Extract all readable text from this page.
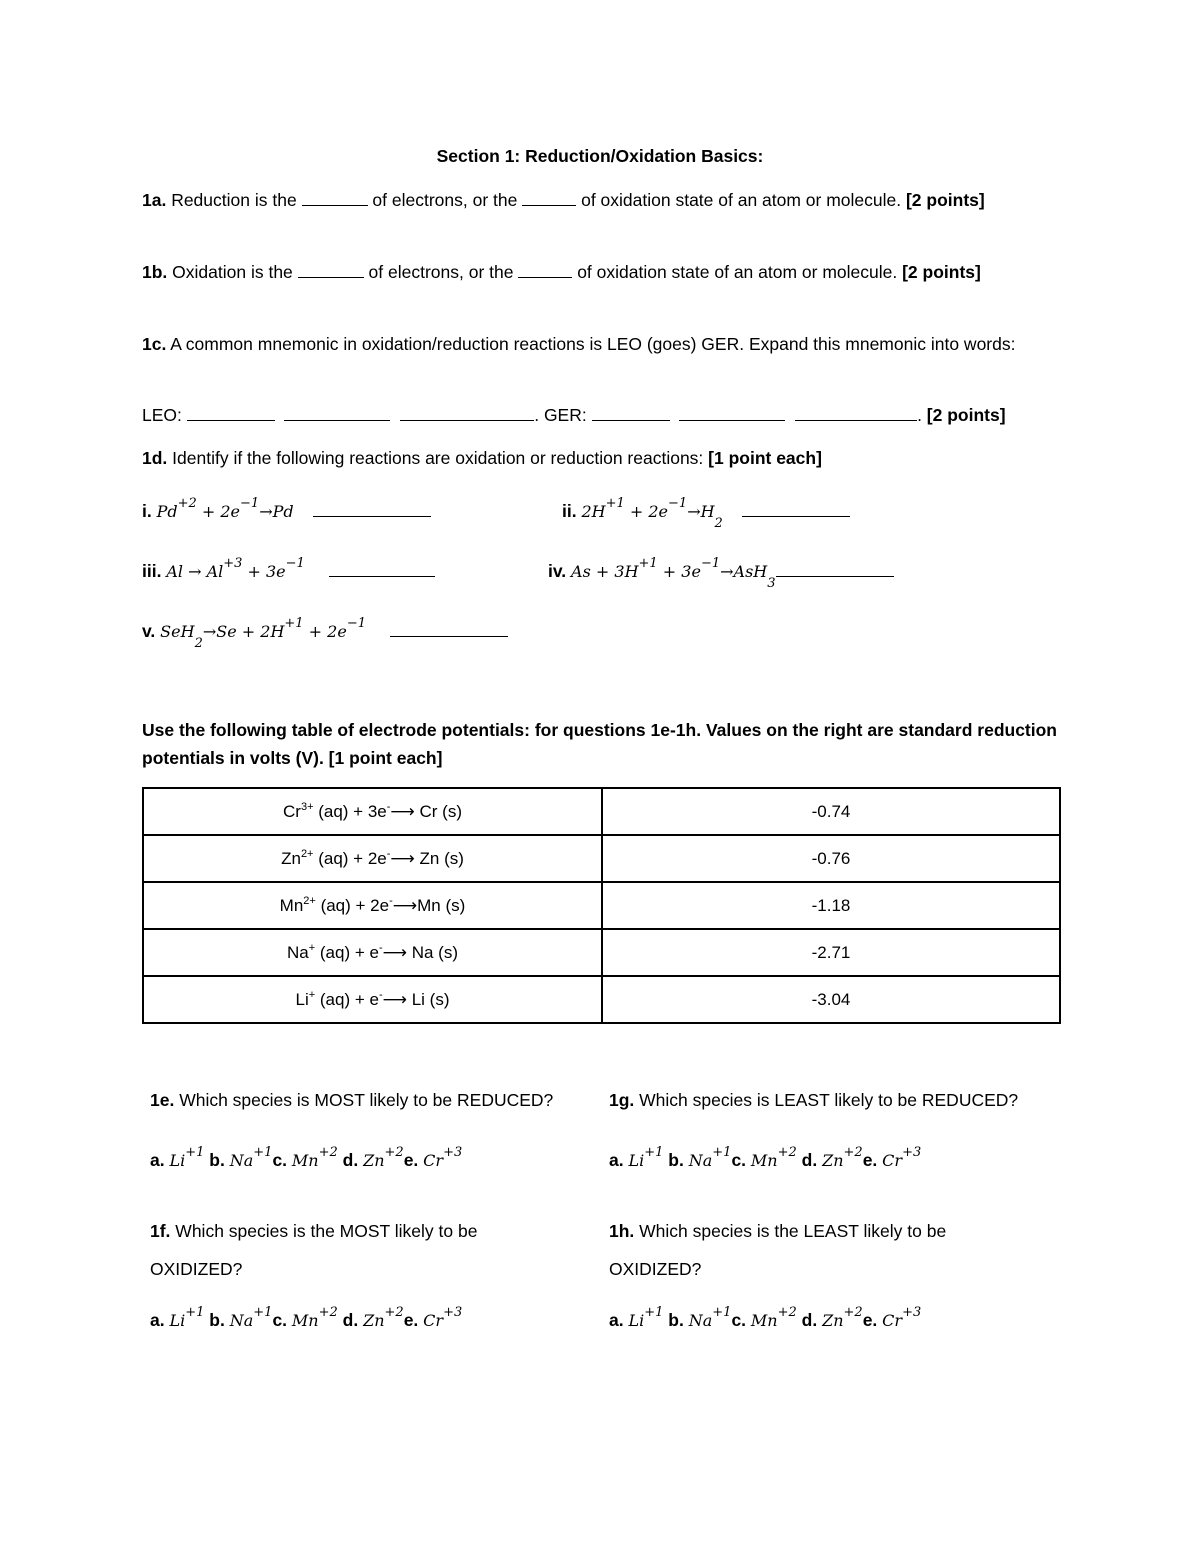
Section 1: Reduction/Oxidation Basics:
1a. Reduction is the	of electrons, or the	of oxidation state of an atom or molecule. [2 points]
1b. Oxidation is the	of electrons, or the	of oxidation state of an atom or molecule. [2 points]
1c. A common mnemonic in oxidation/reduction reactions is LEO (goes) GER. Expand this mnemonic into words:
LEO:	. GER:	. [2 points]
1d. Identify if the following reactions are oxidation or reduction reactions: [1 point each]
i. $Pd^{+2} + 2e^{-1}\to Pd$	ii. $2H^{+1} + 2e^{-1}\to H_2$
iii. $Al \to Al^{+3} + 3e^{-1}$	iv. $As + 3H^{+1} + 3e^{-1}\to AsH_3$
v. $SeH_2\to Se + 2H^{+1} + 2e^{-1}$
Use the following table of electrode potentials: for questions 1e-1h. Values on the right are standard reduction potentials in volts (V). [1 point each]
$Cr^{3+}$ (aq) + 3e-⟶ Cr (s)	-0.74
$Zn^{2+}$ (aq) + 2e-⟶ Zn (s)	-0.76
$Mn^{2+}$ (aq) + 2e-⟶Mn (s)	-1.18
Na+ (aq) + e-⟶ Na (s)	-2.71
Li+ (aq) + e-⟶ Li (s)	-3.04
1e. Which species is MOST likely to be REDUCED?	1g. Which species is LEAST likely to be REDUCED?
a. $Li^{+1}$ b. $Na^{+1}c$. $Mn^{+2}$ d. $Zn^{+2}e$. $Cr^{+3}$	a. $Li^{+1}$ b. $Na^{+1}c$. $Mn^{+2}$ d. $Zn^{+2}e$. $Cr^{+3}$
1f. Which species is the MOST likely to be
OXIDIZED?
1h. Which species is the LEAST likely to be
OXIDIZED?
a. $Li^{+1}$ b. $Na^{+1}c$. $Mn^{+2}$ d. $Zn^{+2}e$. $Cr^{+3}$	a. $Li^{+1}$ b. $Na^{+1}c$. $Mn^{+2}$ d. $Zn^{+2}e$. $Cr^{+3}$
